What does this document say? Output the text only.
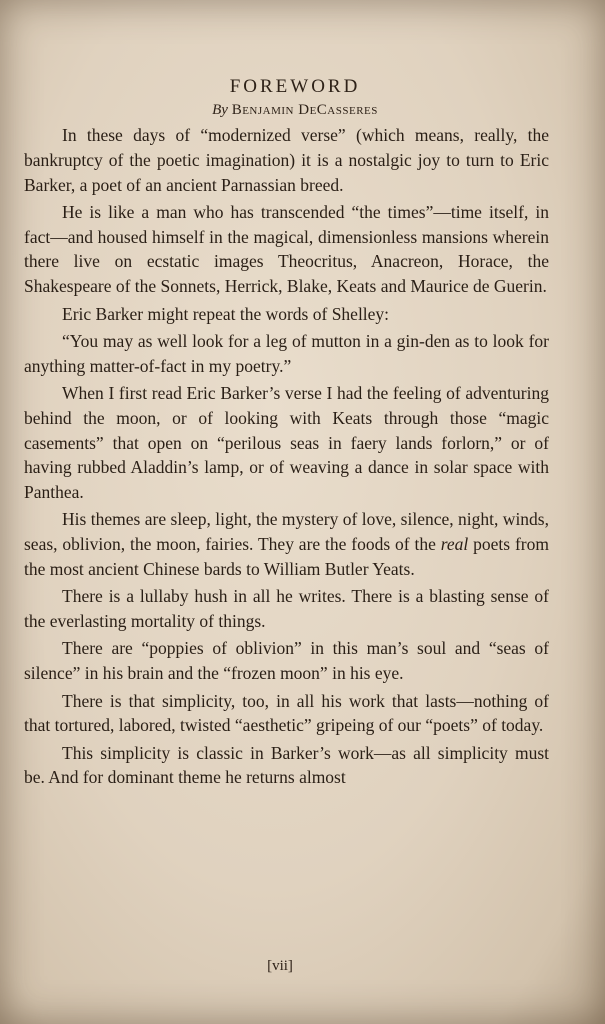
FOREWORD
By Benjamin DeCasseres

In these days of “modernized verse” (which means, really, the bankruptcy of the poetic imagination) it is a nostalgic joy to turn to Eric Barker, a poet of an ancient Parnassian breed.

He is like a man who has transcended “the times”—time itself, in fact—and housed himself in the magical, dimensionless mansions wherein there live on ecstatic images Theocritus, Anacreon, Horace, the Shakespeare of the Sonnets, Herrick, Blake, Keats and Maurice de Guerin.

Eric Barker might repeat the words of Shelley:

“You may as well look for a leg of mutton in a gin-den as to look for anything matter-of-fact in my poetry.”

When I first read Eric Barker’s verse I had the feeling of adventuring behind the moon, or of looking with Keats through those “magic casements” that open on “perilous seas in faery lands forlorn,” or of having rubbed Aladdin’s lamp, or of weaving a dance in solar space with Panthea.

His themes are sleep, light, the mystery of love, silence, night, winds, seas, oblivion, the moon, fairies. They are the foods of the real poets from the most ancient Chinese bards to William Butler Yeats.

There is a lullaby hush in all he writes. There is a blasting sense of the everlasting mortality of things.

There are “poppies of oblivion” in this man’s soul and “seas of silence” in his brain and the “frozen moon” in his eye.

There is that simplicity, too, in all his work that lasts—nothing of that tortured, labored, twisted “aesthetic” gripeing of our “poets” of today.

This simplicity is classic in Barker’s work—as all simplicity must be. And for dominant theme he returns almost

[vii]
